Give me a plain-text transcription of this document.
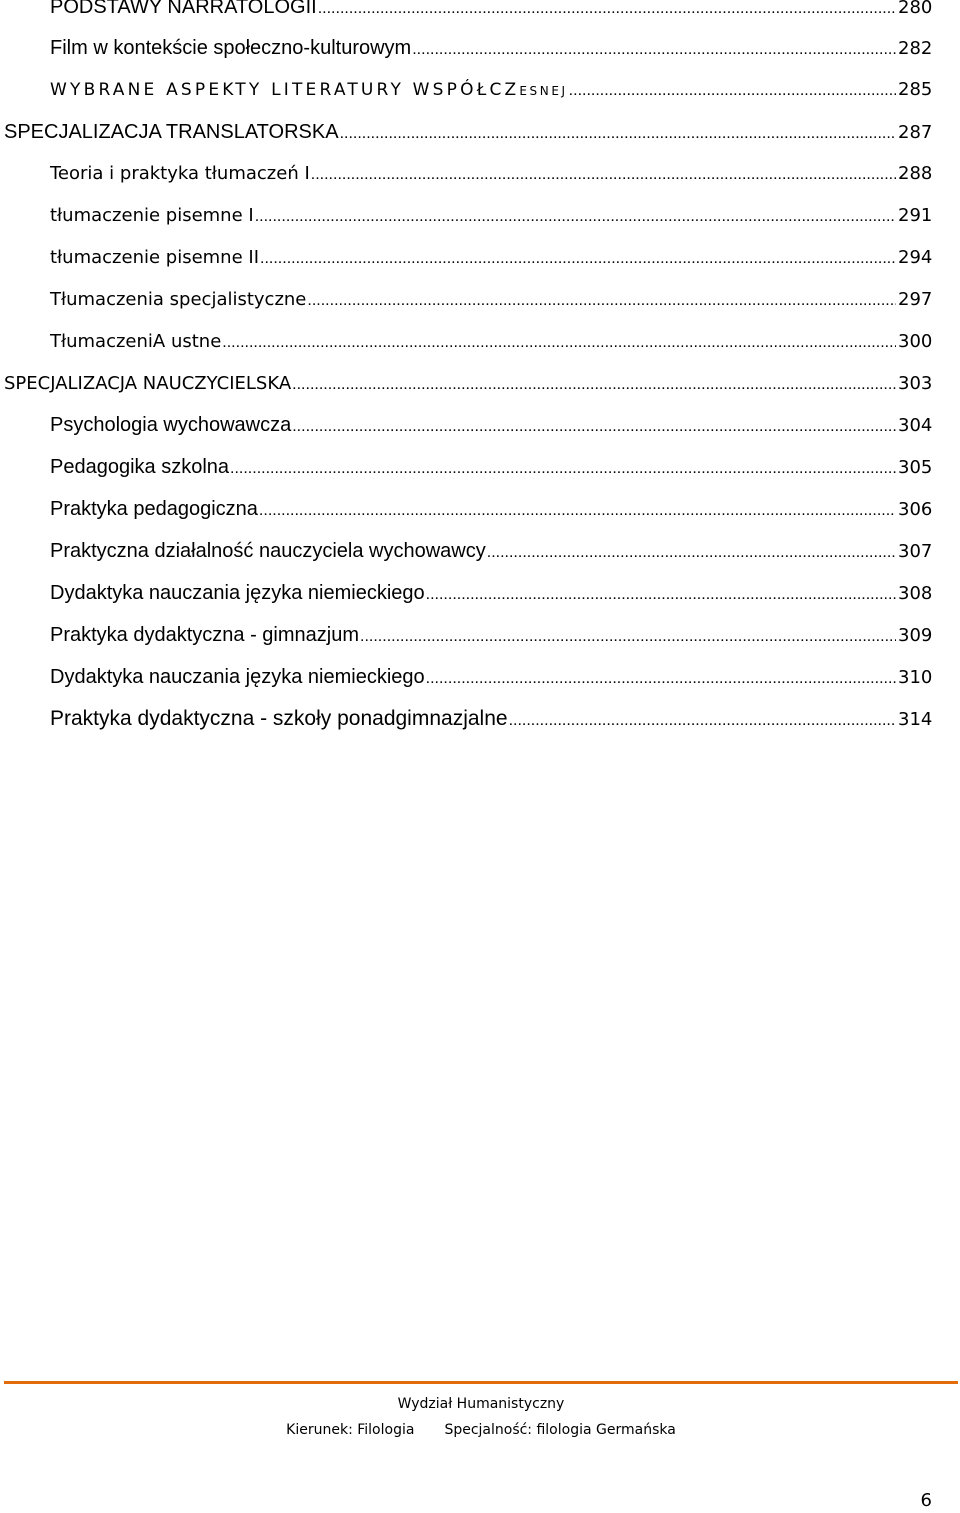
PODSTAWY NARRATOLOGII .....	280
Film w kontekście społeczno-kulturowym .....	282
WYBRANE ASPEKTY LITERATURY WSPÓŁCZESNEJ .....	285
SPECJALIZACJA TRANSLATORSKA .....	287
Teoria i praktyka tłumaczeń I .....	288
tłumaczenie pisemne I .....	291
tłumaczenie pisemne II .....	294
Tłumaczenia specjalistyczne .....	297
TłumaczeniA ustne .....	300
SPECJALIZACJA NAUCZYCIELSKA .....	303
Psychologia wychowawcza .....	304
Pedagogika szkolna .....	305
Praktyka pedagogiczna .....	306
Praktyczna działalność nauczyciela wychowawcy .....	307
Dydaktyka nauczania języka niemieckiego .....	308
Praktyka dydaktyczna - gimnazjum .....	309
Dydaktyka nauczania języka niemieckiego .....	310
Praktyka dydaktyczna - szkoły ponadgimnazjalne .....	314
Wydział Humanistyczny
Kierunek: Filologia Specjalność: filologia Germańska
6
